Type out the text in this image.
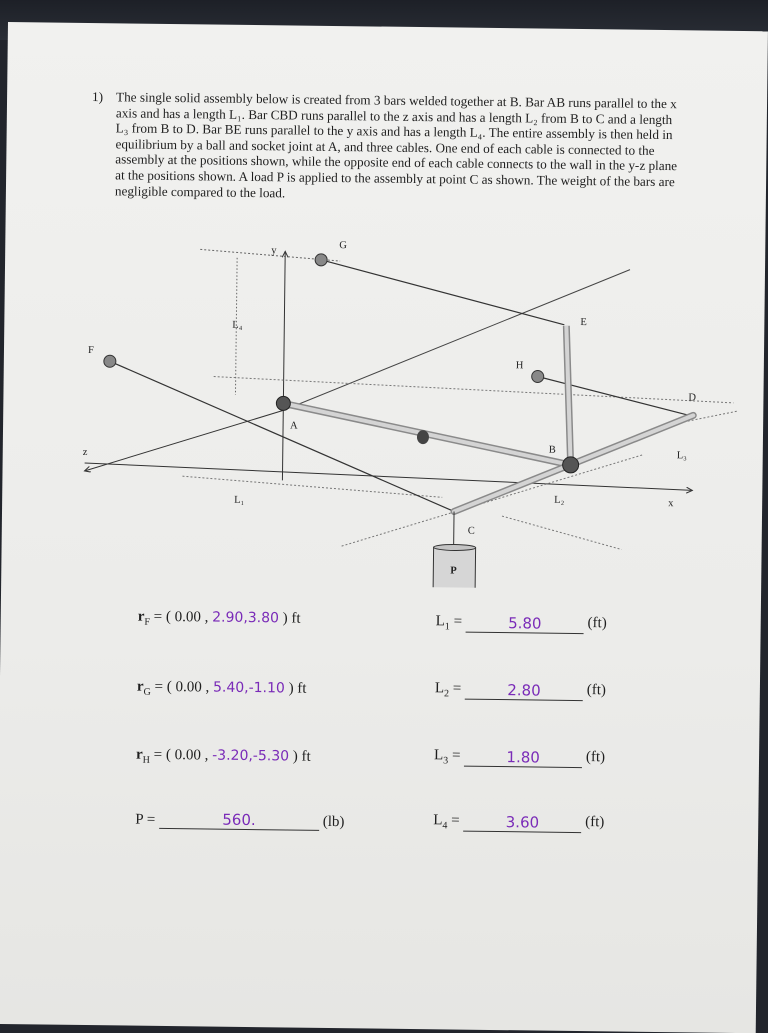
1) The single solid assembly below is created from 3 bars welded together at B. Bar AB runs parallel to the x axis and has a length L₁. Bar CBD runs parallel to the z axis and has a length L₂ from B to C and a length L₃ from B to D. Bar BE runs parallel to the y axis and has a length L₄. The entire assembly is then held in equilibrium by a ball and socket joint at A, and three cables. One end of each cable is connected to the assembly at the positions shown, while the opposite end of each cable connects to the wall in the y-z plane at the positions shown. A load P is applied to the assembly at point C as shown. The weight of the bars are negligible compared to the load.
y	G
E
F
H
D
z
A
B
L₄
L₁	L₂
L₃
C
x
P
$r_F$ = ( 0.00 , 2.90,3.80 ) ft
$r_G$ = ( 0.00 , 5.40,-1.10 ) ft
$r_H$ = ( 0.00 , -3.20,-5.30 ) ft
P =	560.	(lb)
$L_1$ =	5.80	(ft)
$L_2$ =	2.80	(ft)
$L_3$ =	1.80	(ft)
$L_4$ =	3.60	(ft)
